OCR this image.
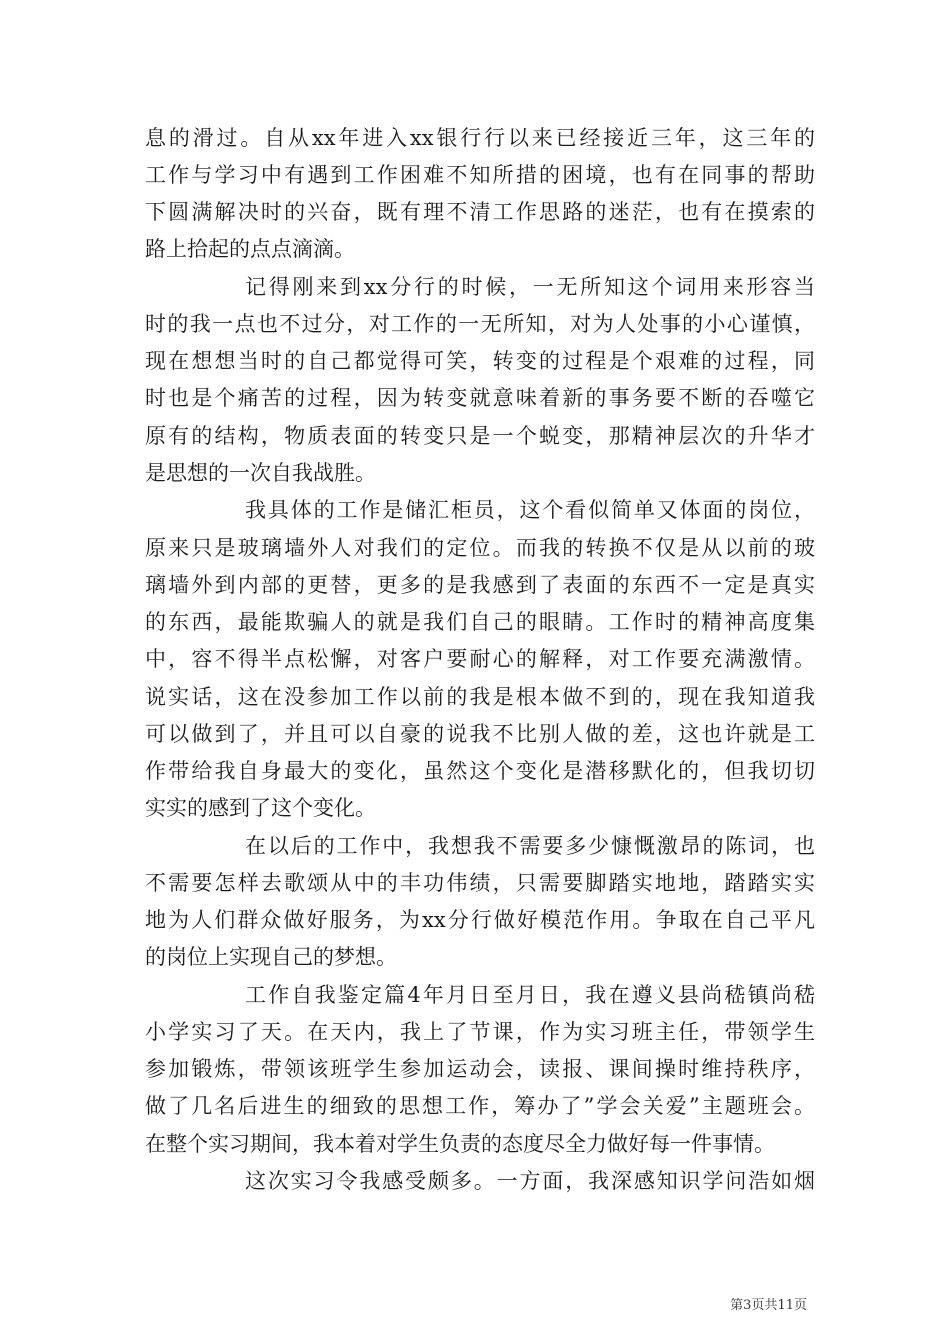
息的滑过。自从xx年进入xx银行行以来已经接近三年，这三年的
工作与学习中有遇到工作困难不知所措的困境，也有在同事的帮助
下圆满解决时的兴奋，既有理不清工作思路的迷茫，也有在摸索的
路上拾起的点点滴滴。
记得刚来到xx分行的时候，一无所知这个词用来形容当
时的我一点也不过分，对工作的一无所知，对为人处事的小心谨慎，
现在想想当时的自己都觉得可笑，转变的过程是个艰难的过程，同
时也是个痛苦的过程，因为转变就意味着新的事务要不断的吞噬它
原有的结构，物质表面的转变只是一个蜕变，那精神层次的升华才
是思想的一次自我战胜。
我具体的工作是储汇柜员，这个看似简单又体面的岗位，
原来只是玻璃墙外人对我们的定位。而我的转换不仅是从以前的玻
璃墙外到内部的更替，更多的是我感到了表面的东西不一定是真实
的东西，最能欺骗人的就是我们自己的眼睛。工作时的精神高度集
中，容不得半点松懈，对客户要耐心的解释，对工作要充满激情。
说实话，这在没参加工作以前的我是根本做不到的，现在我知道我
可以做到了，并且可以自豪的说我不比别人做的差，这也许就是工
作带给我自身最大的变化，虽然这个变化是潜移默化的，但我切切
实实的感到了这个变化。
在以后的工作中，我想我不需要多少慷慨激昂的陈词，也
不需要怎样去歌颂从中的丰功伟绩，只需要脚踏实地地，踏踏实实
地为人们群众做好服务，为xx分行做好模范作用。争取在自己平凡
的岗位上实现自己的梦想。
工作自我鉴定篇4年月日至月日，我在遵义县尚嵇镇尚嵇
小学实习了天。在天内，我上了节课，作为实习班主任，带领学生
参加锻炼，带领该班学生参加运动会，读报、课间操时维持秩序，
做了几名后进生的细致的思想工作，筹办了”学会关爱”主题班会。
在整个实习期间，我本着对学生负责的态度尽全力做好每一件事情。
这次实习令我感受颇多。一方面，我深感知识学问浩如烟
第3页共11页
